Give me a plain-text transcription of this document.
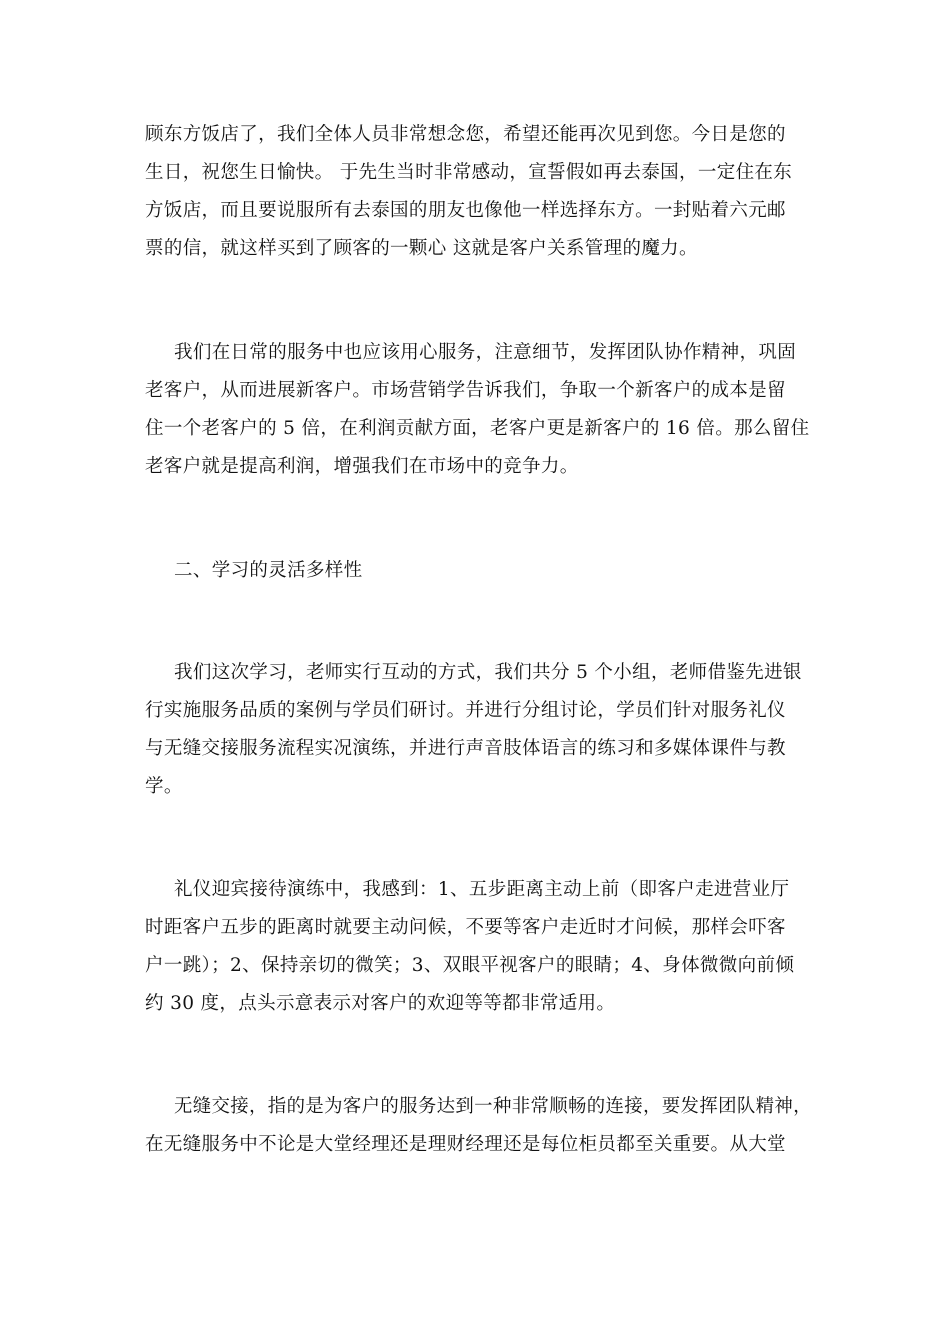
顾东方饭店了，我们全体人员非常想念您，希望还能再次见到您。今日是您的
生日，祝您生日愉快。 于先生当时非常感动，宣誓假如再去泰国，一定住在东
方饭店，而且要说服所有去泰国的朋友也像他一样选择东方。一封贴着六元邮
票的信，就这样买到了顾客的一颗心 这就是客户关系管理的魔力。
我们在日常的服务中也应该用心服务，注意细节，发挥团队协作精神，巩固
老客户，从而进展新客户。市场营销学告诉我们，争取一个新客户的成本是留
住一个老客户的 5 倍，在利润贡献方面，老客户更是新客户的 16 倍。那么留住
老客户就是提高利润，增强我们在市场中的竞争力。
二、学习的灵活多样性
我们这次学习，老师实行互动的方式，我们共分 5 个小组，老师借鉴先进银
行实施服务品质的案例与学员们研讨。并进行分组讨论，学员们针对服务礼仪
与无缝交接服务流程实况演练，并进行声音肢体语言的练习和多媒体课件与教
学。
礼仪迎宾接待演练中，我感到：1、五步距离主动上前（即客户走进营业厅
时距客户五步的距离时就要主动问候，不要等客户走近时才问候，那样会吓客
户一跳）；2、保持亲切的微笑；3、双眼平视客户的眼睛；4、身体微微向前倾
约 30 度，点头示意表示对客户的欢迎等等都非常适用。
无缝交接，指的是为客户的服务达到一种非常顺畅的连接，要发挥团队精神，
在无缝服务中不论是大堂经理还是理财经理还是每位柜员都至关重要。从大堂
